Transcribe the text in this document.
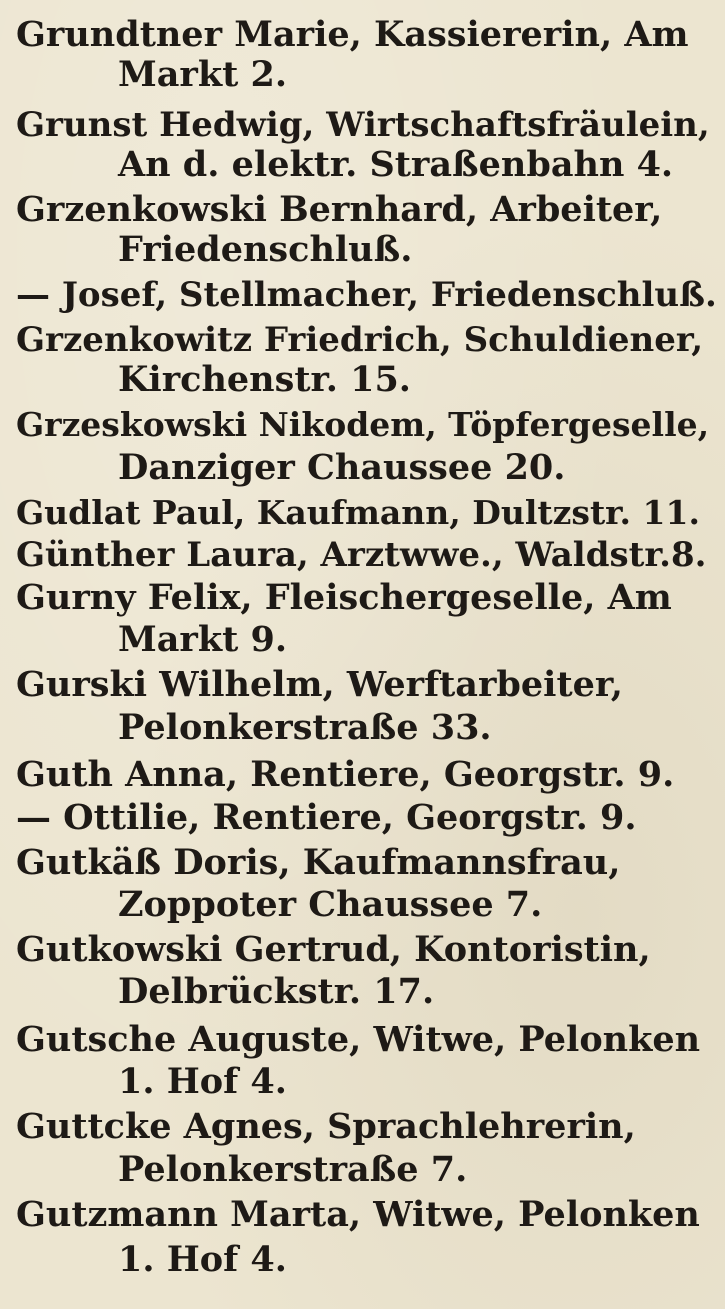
Grundtner Marie, Kassiererin, Am
Markt 2.
Grunst Hedwig, Wirtschaftsfräulein,
An d. elektr. Straßenbahn 4.
Grzenkowski Bernhard, Arbeiter,
Friedenschluß.
— Josef, Stellmacher, Friedenschluß.
Grzenkowitz Friedrich, Schuldiener,
Kirchenstr. 15.
Grzeskowski Nikodem, Töpfergeselle,
Danziger Chaussee 20.
Gudlat Paul, Kaufmann, Dultzstr. 11.
Günther Laura, Arztwwe., Waldstr.8.
Gurny Felix, Fleischergeselle, Am
Markt 9.
Gurski Wilhelm, Werftarbeiter,
Pelonkerstraße 33.
Guth Anna, Rentiere, Georgstr. 9.
— Ottilie, Rentiere, Georgstr. 9.
Gutkäß Doris, Kaufmannsfrau,
Zoppoter Chaussee 7.
Gutkowski Gertrud, Kontoristin,
Delbrückstr. 17.
Gutsche Auguste, Witwe, Pelonken
1. Hof 4.
Guttcke Agnes, Sprachlehrerin,
Pelonkerstraße 7.
Gutzmann Marta, Witwe, Pelonken
1. Hof 4.
